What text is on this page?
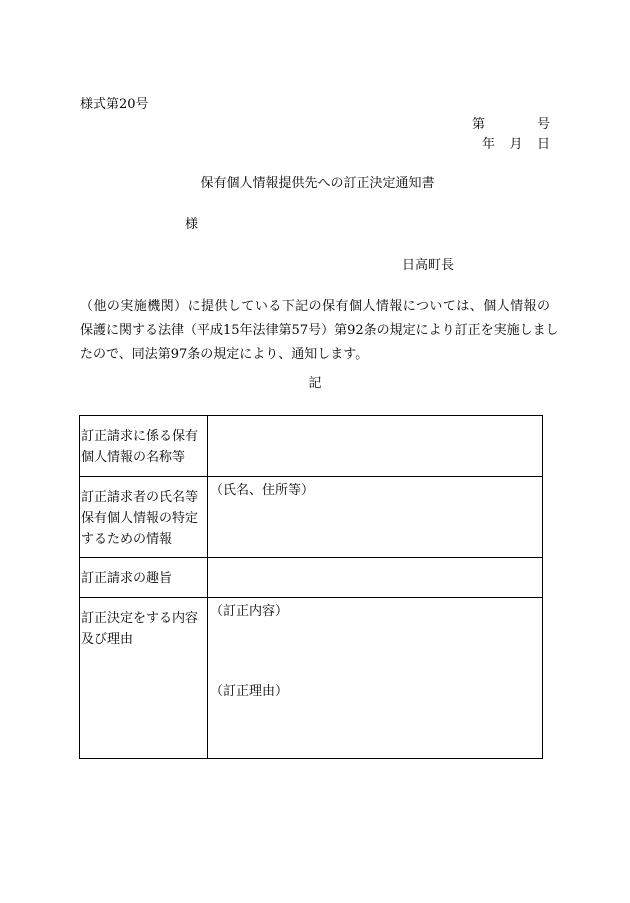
様式第20号
第	号
年 月 日
保有個人情報提供先への訂正決定通知書
様
日高町長
（他の実施機関）に提供している下記の保有個人情報については、個人情報の
保護に関する法律（平成15年法律第57号）第92条の規定により訂正を実施しまし
たので、同法第97条の規定により、通知します。
記
訂正請求に係る保有
個人情報の名称等	
訂正請求者の氏名等
保有個人情報の特定
するための情報	（氏名、住所等）
訂正請求の趣旨	
訂正決定をする内容
及び理由	（訂正内容）
（訂正理由）
